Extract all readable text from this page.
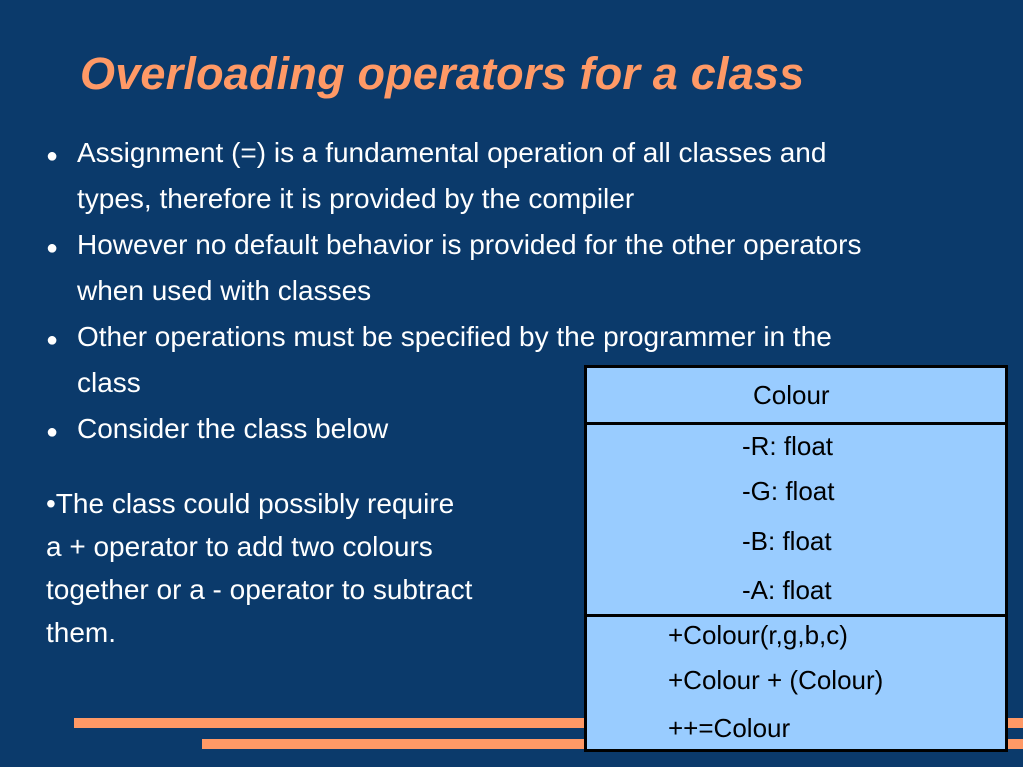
Overloading operators for a class
● Assignment (=) is a fundamental operation of all classes and
types, therefore it is provided by the compiler
● However no default behavior is provided for the other operators
when used with classes
● Other operations must be specified by the programmer in the
class
● Consider the class below
•The class could possibly require
a + operator to add two colours
together or a - operator to subtract
them.
Colour
-R: float
-G: float
-B: float
-A: float
+Colour(r,g,b,c)
+Colour + (Colour)
++=Colour
